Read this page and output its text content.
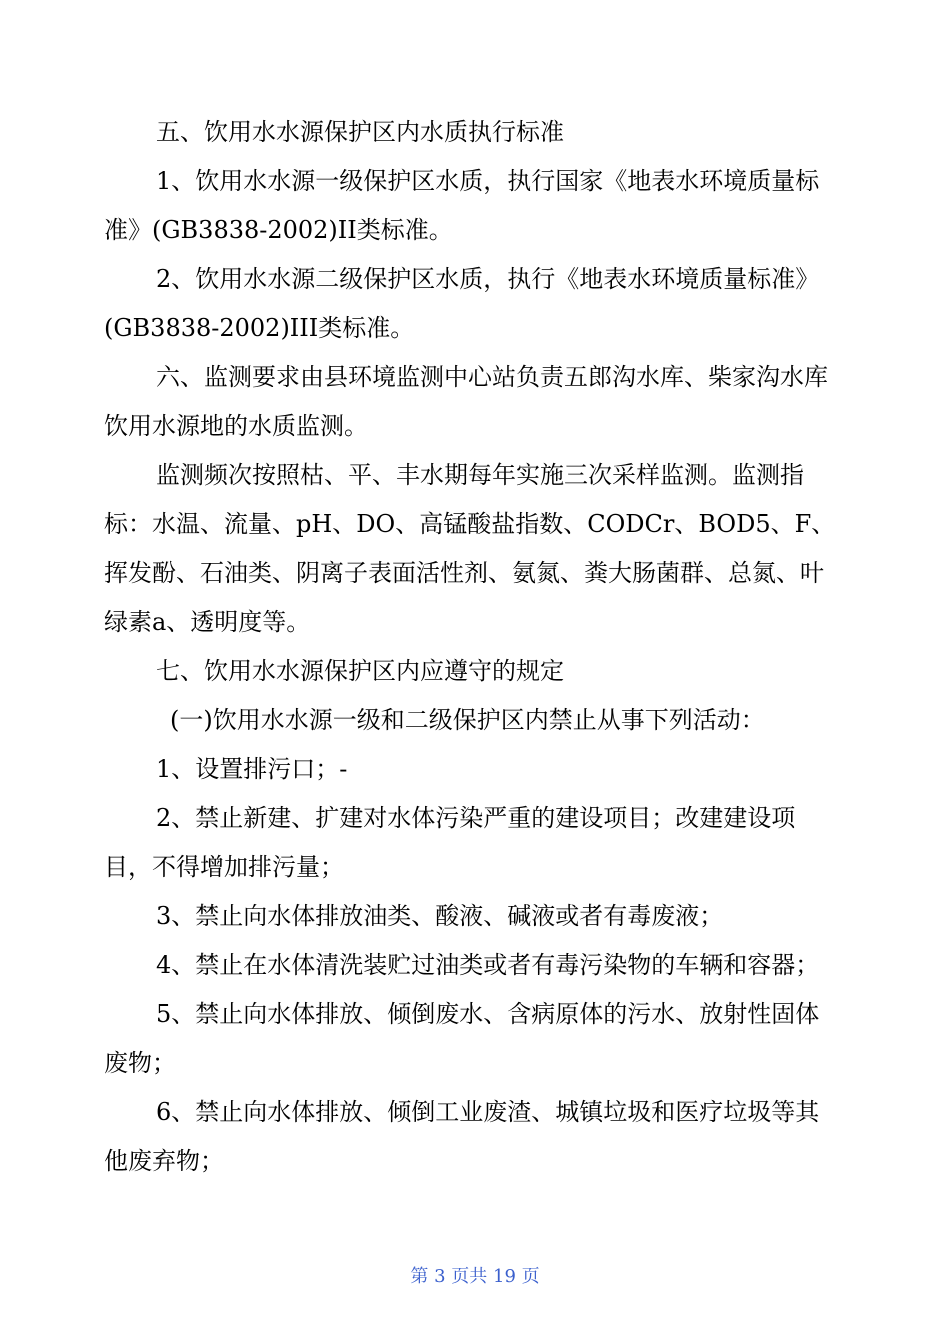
五、饮用水水源保护区内水质执行标准

1、饮用水水源一级保护区水质，执行国家《地表水环境质量标准》(GB3838-2002)II类标准。

2、饮用水水源二级保护区水质，执行《地表水环境质量标准》(GB3838-2002)III类标准。

六、监测要求由县环境监测中心站负责五郎沟水库、柴家沟水库饮用水源地的水质监测。

监测频次按照枯、平、丰水期每年实施三次采样监测。监测指标：水温、流量、pH、DO、高锰酸盐指数、CODCr、BOD5、F、挥发酚、石油类、阴离子表面活性剂、氨氮、粪大肠菌群、总氮、叶绿素a、透明度等。

七、饮用水水源保护区内应遵守的规定

(一)饮用水水源一级和二级保护区内禁止从事下列活动：

1、设置排污口；-

2、禁止新建、扩建对水体污染严重的建设项目；改建建设项目，不得增加排污量；

3、禁止向水体排放油类、酸液、碱液或者有毒废液；

4、禁止在水体清洗装贮过油类或者有毒污染物的车辆和容器；

5、禁止向水体排放、倾倒废水、含病原体的污水、放射性固体废物；

6、禁止向水体排放、倾倒工业废渣、城镇垃圾和医疗垃圾等其他废弃物；

第 3 页共 19 页
